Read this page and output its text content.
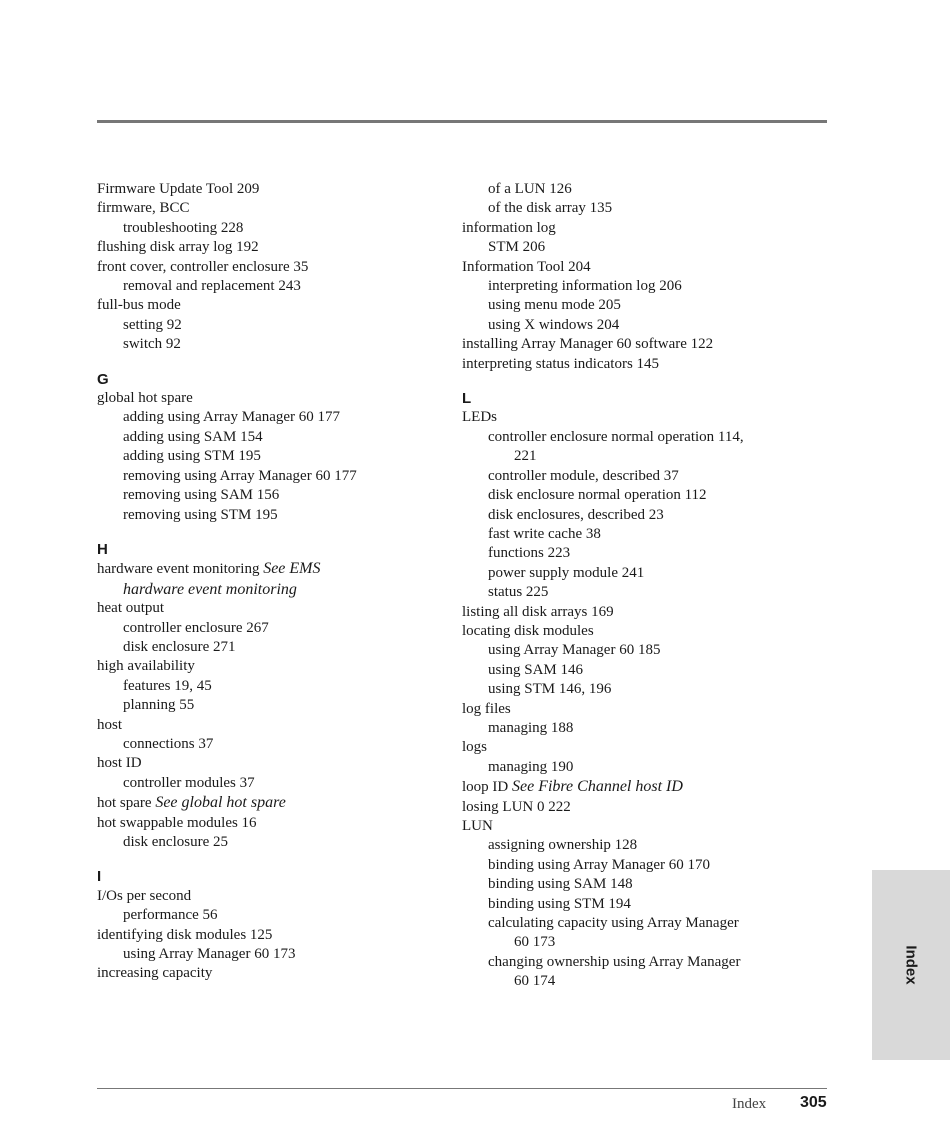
Firmware Update Tool 209
firmware, BCC
troubleshooting 228
flushing disk array log 192
front cover, controller enclosure 35
removal and replacement 243
full-bus mode
setting 92
switch 92
G
global hot spare
adding using Array Manager 60 177
adding using SAM 154
adding using STM 195
removing using Array Manager 60 177
removing using SAM 156
removing using STM 195
H
hardware event monitoring See EMS
hardware event monitoring
heat output
controller enclosure 267
disk enclosure 271
high availability
features 19, 45
planning 55
host
connections 37
host ID
controller modules 37
hot spare See global hot spare
hot swappable modules 16
disk enclosure 25
I
I/Os per second
performance 56
identifying disk modules 125
using Array Manager 60 173
increasing capacity
of a LUN 126
of the disk array 135
information log
STM 206
Information Tool 204
interpreting information log 206
using menu mode 205
using X windows 204
installing Array Manager 60 software 122
interpreting status indicators 145
L
LEDs
controller enclosure normal operation 114,
221
controller module, described 37
disk enclosure normal operation 112
disk enclosures, described 23
fast write cache 38
functions 223
power supply module 241
status 225
listing all disk arrays 169
locating disk modules
using Array Manager 60 185
using SAM 146
using STM 146, 196
log files
managing 188
logs
managing 190
loop ID See Fibre Channel host ID
losing LUN 0 222
LUN
assigning ownership 128
binding using Array Manager 60 170
binding using SAM 148
binding using STM 194
calculating capacity using Array Manager
60 173
changing ownership using Array Manager
60 174	Index
Index 305
